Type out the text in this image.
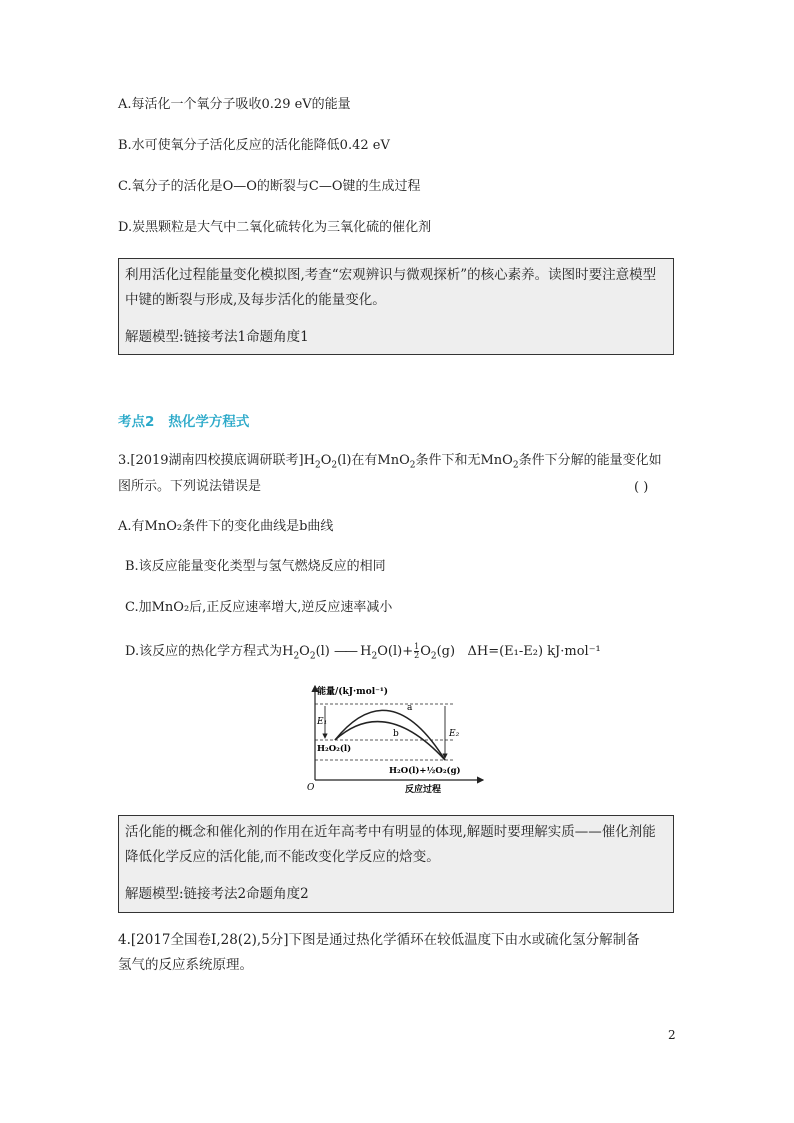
A.每活化一个氧分子吸收0.29 eV的能量
B.水可使氧分子活化反应的活化能降低0.42 eV
C.氧分子的活化是O—O的断裂与C—O键的生成过程
D.炭黑颗粒是大气中二氧化硫转化为三氧化硫的催化剂

利用活化过程能量变化模拟图,考查“宏观辨识与微观探析”的核心素养。读图时要注意模型中键的断裂与形成,及每步活化的能量变化。

解题模型:链接考法1命题角度1

考点2 热化学方程式
3.[2019湖南四校摸底调研联考]$H_2O_2(l)$在有MnO$_2$条件下和无MnO$_2$条件下分解的能量变化如
图所示。下列说法错误是	( )
A.有MnO₂条件下的变化曲线是b曲线
B.该反应能量变化类型与氢气燃烧反应的相同
C.加MnO₂后,正反应速率增大,逆反应速率减小
D.该反应的热化学方程式为$H_2O_2(l)$ —— $H_2O(l)+ \frac{1}{2} O_2(g)$   ΔH=(E₁-E₂) kJ·mol⁻¹
能量/(kJ·mol⁻¹)
反应过程
O
E₁
E₂
a
b
H₂O₂(l)
H₂O(l)+½O₂(g)

活化能的概念和催化剂的作用在近年高考中有明显的体现,解题时要理解实质——催化剂能降低化学反应的活化能,而不能改变化学反应的焓变。

解题模型:链接考法2命题角度2

4.[2017全国卷Ⅰ,28(2),5分]下图是通过热化学循环在较低温度下由水或硫化氢分解制备
氢气的反应系统原理。
2
